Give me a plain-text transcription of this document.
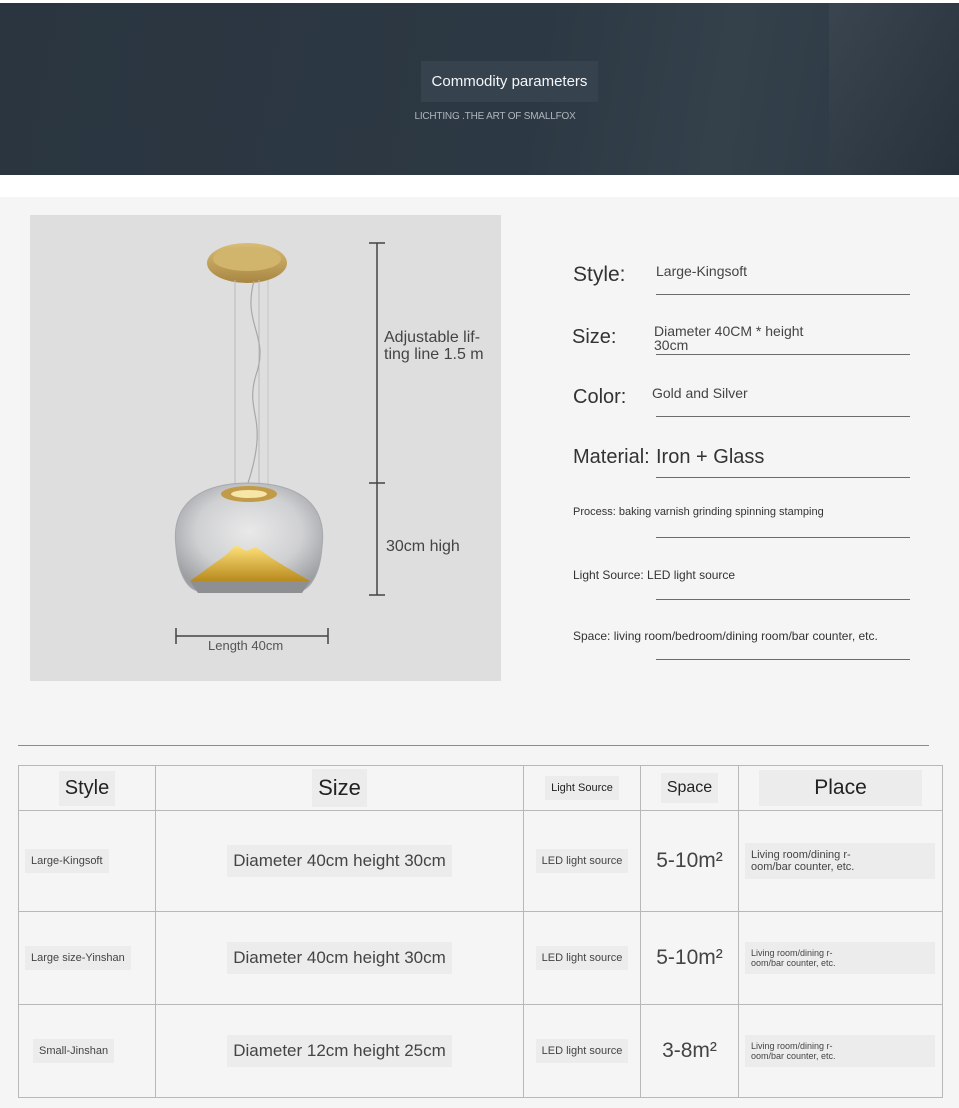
Commodity parameters
LICHTING .THE ART OF SMALLFOX
Adjustable lif-ting line 1.5 m
30cm high
Length 40cm
Style: Large-Kingsoft
Size:	Diameter 40CM * height
30cm
Color: Gold and Silver
Material: Iron + Glass
Process: baking varnish grinding spinning stamping
Light Source: LED light source
Space: living room/bedroom/dining room/bar counter, etc.
Style	Size	Light Source	Space	Place
Large-Kingsoft	Diameter 40cm height 30cm	LED light source	5-10m²	Living room/dining r-
oom/bar counter, etc.
Large size-Yinshan	Diameter 40cm height 30cm	LED light source	5-10m²	Living room/dining r-
oom/bar counter, etc.
Small-Jinshan	Diameter 12cm height 25cm	LED light source	3-8m²	Living room/dining r-
oom/bar counter, etc.
